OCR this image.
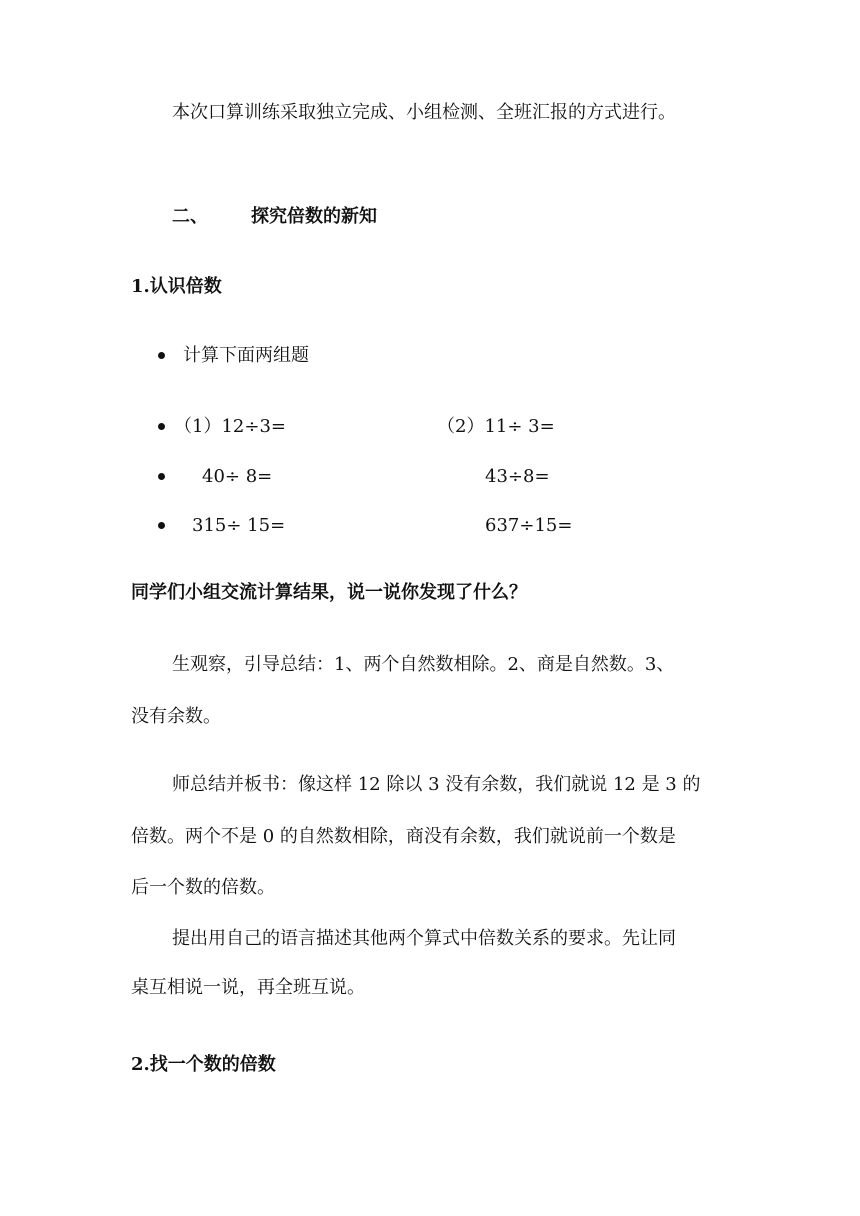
本次口算训练采取独立完成、小组检测、全班汇报的方式进行。
二、 探究倍数的新知
1.认识倍数
计算下面两组题
（1）12÷3=	（2）11÷ 3=
40÷ 8=	43÷8=
315÷ 15=	637÷15=
同学们小组交流计算结果，说一说你发现了什么？
生观察，引导总结：1、两个自然数相除。2、商是自然数。3、
没有余数。
师总结并板书：像这样 12 除以 3 没有余数，我们就说 12 是 3 的
倍数。两个不是 0 的自然数相除，商没有余数，我们就说前一个数是
后一个数的倍数。
提出用自己的语言描述其他两个算式中倍数关系的要求。先让同
桌互相说一说，再全班互说。
2.找一个数的倍数
